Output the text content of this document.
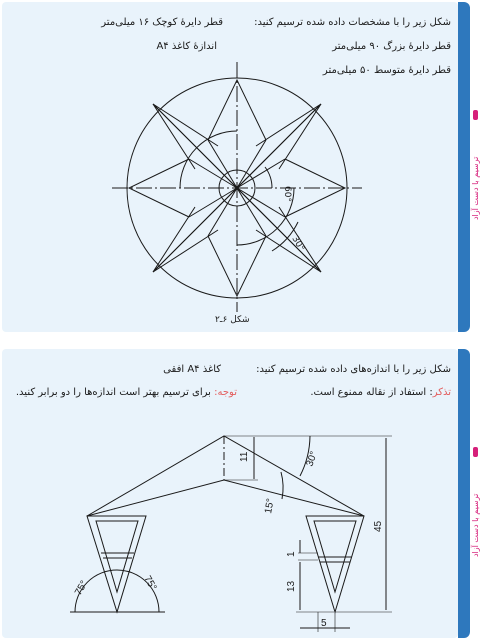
ترسیم با دست آزاد
شکل زیر را با مشخصات داده شده ترسیم کنید:
قطر دایرهٔ بزرگ ۹۰ میلی‌متر
قطر دایرهٔ متوسط ۵۰ میلی‌متر
قطر دایرهٔ کوچک ۱۶ میلی‌متر
اندازهٔ کاغذ A۴
60°
30°
شکل ۶ـ۲
ترسیم با دست آزاد
شکل زیر را با اندازه‌های داده شده ترسیم کنید:
تذکر: استفاد از نقاله ممنوع است.
کاغذ A۴ افقی
توجه: برای ترسیم بهتر است اندازه‌ها را دو برابر کنید.
11	30°
15°
45
1
13
5
75°	75°
